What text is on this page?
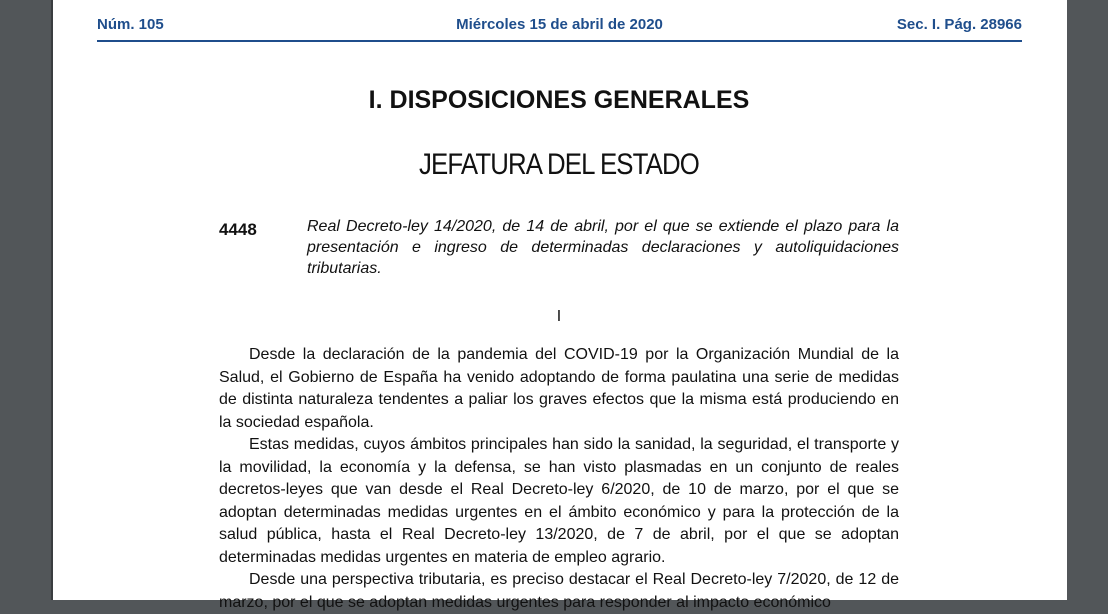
Núm. 105	Miércoles 15 de abril de 2020	Sec. I. Pág. 28966
I. DISPOSICIONES GENERALES
JEFATURA DEL ESTADO
4448	Real Decreto-ley 14/2020, de 14 de abril, por el que se extiende el plazo para la presentación e ingreso de determinadas declaraciones y autoliquidaciones tributarias.
I

Desde la declaración de la pandemia del COVID-19 por la Organización Mundial de la Salud, el Gobierno de España ha venido adoptando de forma paulatina una serie de medidas de distinta naturaleza tendentes a paliar los graves efectos que la misma está produciendo en la sociedad española.

Estas medidas, cuyos ámbitos principales han sido la sanidad, la seguridad, el transporte y la movilidad, la economía y la defensa, se han visto plasmadas en un conjunto de reales decretos-leyes que van desde el Real Decreto-ley 6/2020, de 10 de marzo, por el que se adoptan determinadas medidas urgentes en el ámbito económico y para la protección de la salud pública, hasta el Real Decreto-ley 13/2020, de 7 de abril, por el que se adoptan determinadas medidas urgentes en materia de empleo agrario.

Desde una perspectiva tributaria, es preciso destacar el Real Decreto-ley 7/2020, de 12 de marzo, por el que se adoptan medidas urgentes para responder al impacto económico
